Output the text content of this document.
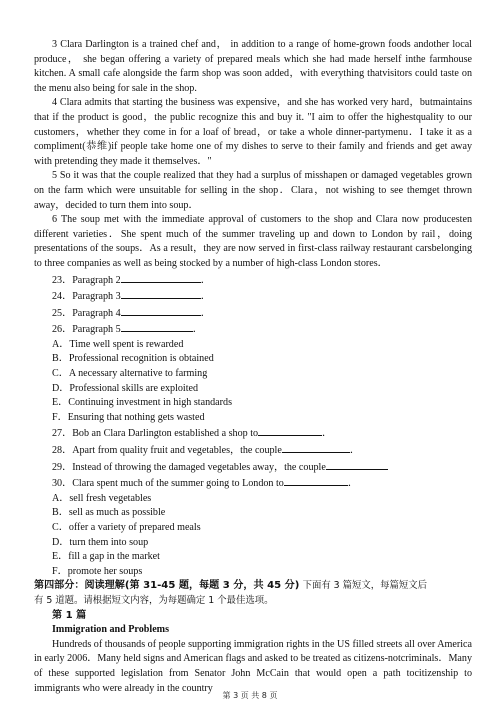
3 Clara Darlington is a trained chef and， in addition to a range of home-grown foods andother local produce， she began offering a variety of prepared meals which she had made herself inthe farmhouse kitchen. A small cafe alongside the farm shop was soon added，with everything thatvisitors could taste on the menu also being for sale in the shop.

4 Clara admits that starting the business was expensive，and she has worked very hard，butmaintains that if the product is good，the public recognize this and buy it. "I aim to offer the highestquality to our customers，whether they come in for a loaf of bread，or take a whole dinner-partymenu．I take it as a compliment(恭维)if people take home one of my dishes to serve to their family and friends and get away with pretending they made it themselves．"

5 So it was that the couple realized that they had a surplus of misshapen or damaged vegetables grown on the farm which were unsuitable for selling in the shop．Clara，not wishing to see themget thrown away，decided to turn them into soup．

6 The soup met with the immediate approval of customers to the shop and Clara now producesten different varieties．She spent much of the summer traveling up and down to London by rail，doing presentations of the soups．As a result，they are now served in first-class railway restaurant carsbelonging to three companies as well as being stocked by a number of high-class London stores．

23．Paragraph 2	．
24．Paragraph 3	．
25．Paragraph 4	．
26．Paragraph 5	．
A．Time well spent is rewarded
B．Professional recognition is obtained
C．A necessary alternative to farming
D．Professional skills are exploited
E．Continuing investment in high standards
F．Ensuring that nothing gets wasted
27．Bob an Clara Darlington established a shop to	．
28．Apart from quality fruit and vegetables，the couple	．
29．Instead of throwing the damaged vegetables away，the couple
30．Clara spent much of the summer going to London to	．
A．sell fresh vegetables
B．sell as much as possible
C．offer a variety of prepared meals
D．turn them into soup
E．fill a gap in the market
F．promote her soups

第四部分：阅读理解(第 31-45 题，每题 3 分，共 45 分) 下面有 3 篇短文，每篇短文后

有 5 道题。请根据短文内容，为每题确定 1 个最佳选项。

第 1 篇

Immigration and Problems

Hundreds of thousands of people supporting immigration rights in the US filled streets all over America in early 2006．Many held signs and American flags and asked to be treated as citizens-notcriminals．Many of these supported legislation from Senator John McCain that would open a path tocitizenship to immigrants who were already in the country

第 3 页 共 8 页
